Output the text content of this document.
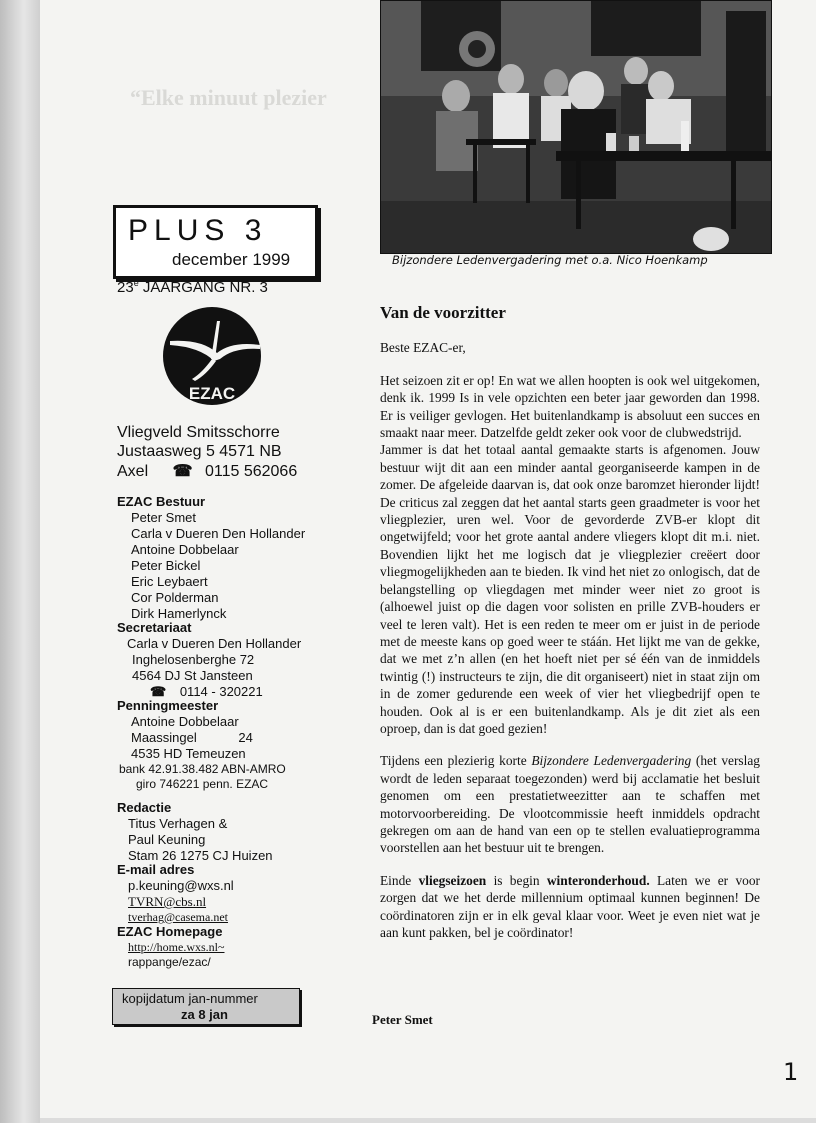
“Elke minuut plezier
Bijzondere Ledenvergadering met o.a. Nico Hoenkamp
PLUS 3
december 1999
23e JAARGANG NR. 3
EZAC
Vliegveld Smitsschorre
Justaasweg 5 4571 NB
Axel ☎ 0115 562066
EZAC Bestuur
Peter Smet
Carla v Dueren Den Hollander
Antoine Dobbelaar
Peter Bickel
Eric Leybaert
Cor Polderman
Dirk Hamerlynck
Secretariaat
Carla v Dueren Den Hollander
Inghelosenberghe 72
4564 DJ St Jansteen
☎ 0114 - 320221
Penningmeester
Antoine Dobbelaar
Maassingel	24
4535 HD Temeuzen
bank 42.91.38.482 ABN-AMRO
giro 746221 penn. EZAC
Redactie
Titus Verhagen &
Paul Keuning
Stam 26 1275 CJ Huizen
E-mail adres
p.keuning@wxs.nl
TVRN@cbs.nl
tverhag@casema.net
EZAC Homepage
http://home.wxs.nl~
rappange/ezac/
kopijdatum jan-nummer
za 8 jan
Van de voorzitter

Beste EZAC-er,

Het seizoen zit er op! En wat we allen hoopten is ook wel uitgekomen, denk ik. 1999 Is in vele opzichten een beter jaar geworden dan 1998. Er is veiliger gevlogen. Het buitenlandkamp is absoluut een succes en smaakt naar meer. Datzelfde geldt zeker ook voor de clubwedstrijd.

Jammer is dat het totaal aantal gemaakte starts is afgenomen. Jouw bestuur wijt dit aan een minder aantal georganiseerde kampen in de zomer. De afgeleide daarvan is, dat ook onze baromzet hieronder lijdt! De criticus zal zeggen dat het aantal starts geen graadmeter is voor het vliegplezier, uren wel. Voor de gevorderde ZVB-er klopt dit ongetwijfeld; voor het grote aantal andere vliegers klopt dit m.i. niet. Bovendien lijkt het me logisch dat je vliegplezier creëert door vliegmogelijkheden aan te bieden. Ik vind het niet zo onlogisch, dat de belangstelling op vliegdagen met minder weer niet zo groot is (alhoewel juist op die dagen voor solisten en prille ZVB-houders er veel te leren valt). Het is een reden te meer om er juist in de periode met de meeste kans op goed weer te stáán. Het lijkt me van de gekke, dat we met z’n allen (en het hoeft niet per sé één van de inmiddels twintig (!) instructeurs te zijn, die dit organiseert) niet in staat zijn om in de zomer gedurende een week of vier het vliegbedrijf open te houden. Ook al is er een buitenlandkamp. Als je dit ziet als een oproep, dan is dat goed gezien!

Tijdens een plezierig korte Bijzondere Ledenvergadering (het verslag wordt de leden separaat toegezonden) werd bij acclamatie het besluit genomen om een prestatietweezitter aan te schaffen met motorvoorbereiding. De vlootcommissie heeft inmiddels opdracht gekregen om aan de hand van een op te stellen evaluatieprogramma voorstellen aan het bestuur uit te brengen.

Einde vliegseizoen is begin winteronderhoud. Laten we er voor zorgen dat we het derde millennium optimaal kunnen beginnen! De coördinatoren zijn er in elk geval klaar voor. Weet je even niet wat je aan kunt pakken, bel je coördinator!

Peter Smet
1
